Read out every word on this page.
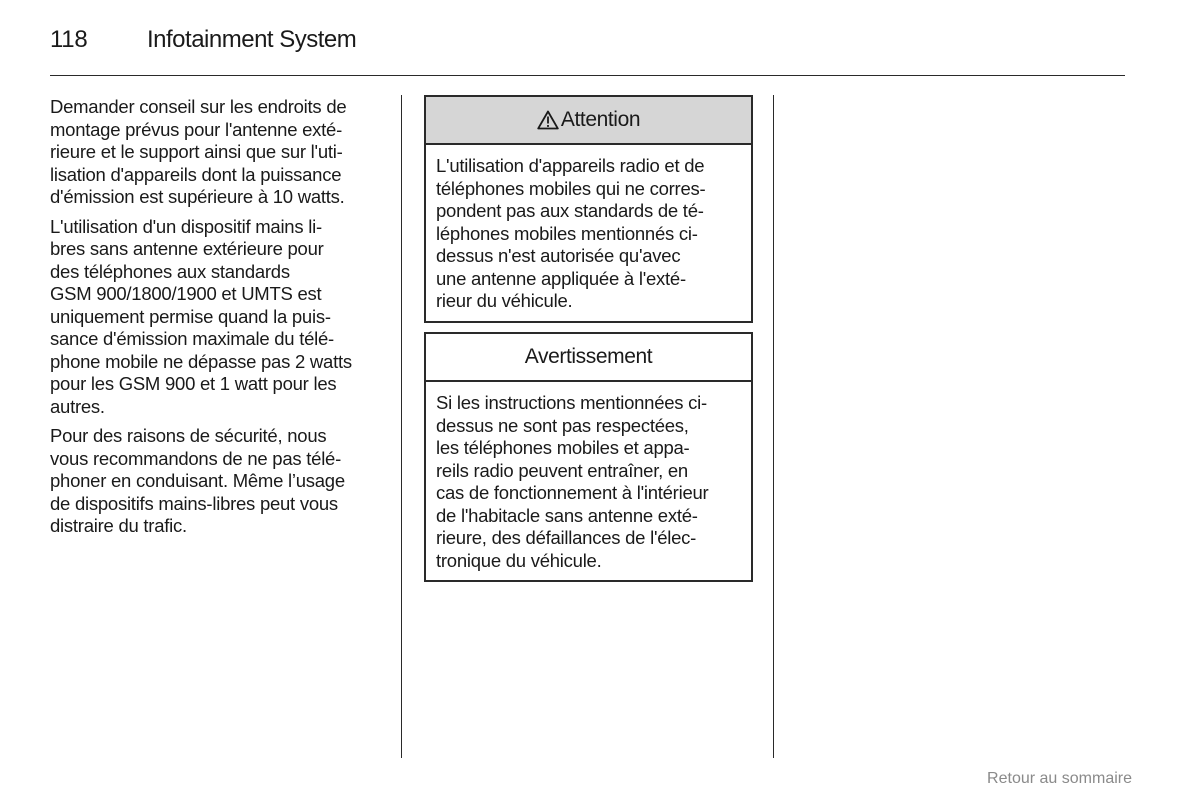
118 Infotainment System

Demander conseil sur les endroits de
montage prévus pour l'antenne exté-
rieure et le support ainsi que sur l'uti-
lisation d'appareils dont la puissance
d'émission est supérieure à 10 watts.

L'utilisation d'un dispositif mains li-
bres sans antenne extérieure pour
des téléphones aux standards
GSM 900/1800/1900 et UMTS est
uniquement permise quand la puis-
sance d'émission maximale du télé-
phone mobile ne dépasse pas 2 watts
pour les GSM 900 et 1 watt pour les
autres.

Pour des raisons de sécurité, nous
vous recommandons de ne pas télé-
phoner en conduisant. Même l’usage
de dispositifs mains-libres peut vous
distraire du trafic.

Attention
L'utilisation d'appareils radio et de
téléphones mobiles qui ne corres-
pondent pas aux standards de té-
léphones mobiles mentionnés ci-
dessus n'est autorisée qu'avec
une antenne appliquée à l'exté-
rieur du véhicule.
Avertissement
Si les instructions mentionnées ci-
dessus ne sont pas respectées,
les téléphones mobiles et appa-
reils radio peuvent entraîner, en
cas de fonctionnement à l'intérieur
de l'habitacle sans antenne exté-
rieure, des défaillances de l'élec-
tronique du véhicule.
Retour au sommaire
